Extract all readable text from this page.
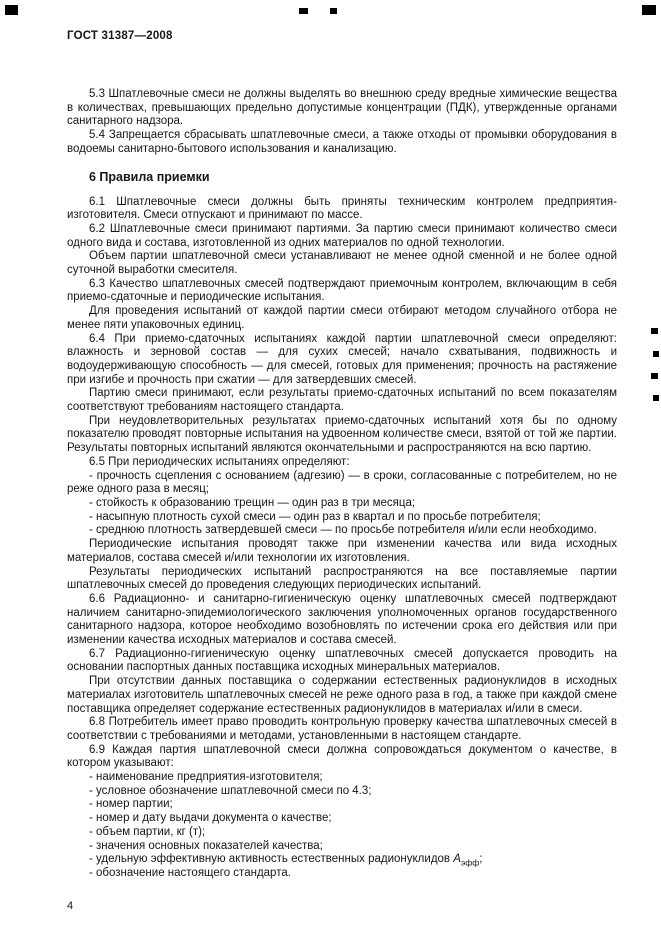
ГОСТ 31387—2008

5.3 Шпатлевочные смеси не должны выделять во внешнюю среду вредные химические вещества в количествах, превышающих предельно допустимые концентрации (ПДК), утвержденные органами санитарного надзора.

5.4 Запрещается сбрасывать шпатлевочные смеси, а также отходы от промывки оборудования в водоемы санитарно-бытового использования и канализацию.

6 Правила приемки

6.1 Шпатлевочные смеси должны быть приняты техническим контролем предприятия-изготовителя. Смеси отпускают и принимают по массе.

6.2 Шпатлевочные смеси принимают партиями. За партию смеси принимают количество смеси одного вида и состава, изготовленной из одних материалов по одной технологии.

Объем партии шпатлевочной смеси устанавливают не менее одной сменной и не более одной суточной выработки смесителя.

6.3 Качество шпатлевочных смесей подтверждают приемочным контролем, включающим в себя приемо-сдаточные и периодические испытания.

Для проведения испытаний от каждой партии смеси отбирают методом случайного отбора не менее пяти упаковочных единиц.

6.4 При приемо-сдаточных испытаниях каждой партии шпатлевочной смеси определяют: влажность и зерновой состав — для сухих смесей; начало схватывания, подвижность и водоудерживающую способность — для смесей, готовых для применения; прочность на растяжение при изгибе и прочность при сжатии — для затвердевших смесей.

Партию смеси принимают, если результаты приемо-сдаточных испытаний по всем показателям соответствуют требованиям настоящего стандарта.

При неудовлетворительных результатах приемо-сдаточных испытаний хотя бы по одному показателю проводят повторные испытания на удвоенном количестве смеси, взятой от той же партии. Результаты повторных испытаний являются окончательными и распространяются на всю партию.

6.5 При периодических испытаниях определяют:

- прочность сцепления с основанием (адгезию) — в сроки, согласованные с потребителем, но не реже одного раза в месяц;

- стойкость к образованию трещин — один раз в три месяца;

- насыпную плотность сухой смеси — один раз в квартал и по просьбе потребителя;

- среднюю плотность затвердевшей смеси — по просьбе потребителя и/или если необходимо.

Периодические испытания проводят также при изменении качества или вида исходных материалов, состава смесей и/или технологии их изготовления.

Результаты периодических испытаний распространяются на все поставляемые партии шпатлевочных смесей до проведения следующих периодических испытаний.

6.6 Радиационно- и санитарно-гигиеническую оценку шпатлевочных смесей подтверждают наличием санитарно-эпидемиологического заключения уполномоченных органов государственного санитарного надзора, которое необходимо возобновлять по истечении срока его действия или при изменении качества исходных материалов и состава смесей.

6.7 Радиационно-гигиеническую оценку шпатлевочных смесей допускается проводить на основании паспортных данных поставщика исходных минеральных материалов.

При отсутствии данных поставщика о содержании естественных радионуклидов в исходных материалах изготовитель шпатлевочных смесей не реже одного раза в год, а также при каждой смене поставщика определяет содержание естественных радионуклидов в материалах и/или в смеси.

6.8 Потребитель имеет право проводить контрольную проверку качества шпатлевочных смесей в соответствии с требованиями и методами, установленными в настоящем стандарте.

6.9 Каждая партия шпатлевочной смеси должна сопровождаться документом о качестве, в котором указывают:

- наименование предприятия-изготовителя;

- условное обозначение шпатлевочной смеси по 4.3;

- номер партии;

- номер и дату выдачи документа о качестве;

- объем партии, кг (т);

- значения основных показателей качества;

- удельную эффективную активность естественных радионуклидов $А_{эфф}$;

- обозначение настоящего стандарта.

4
